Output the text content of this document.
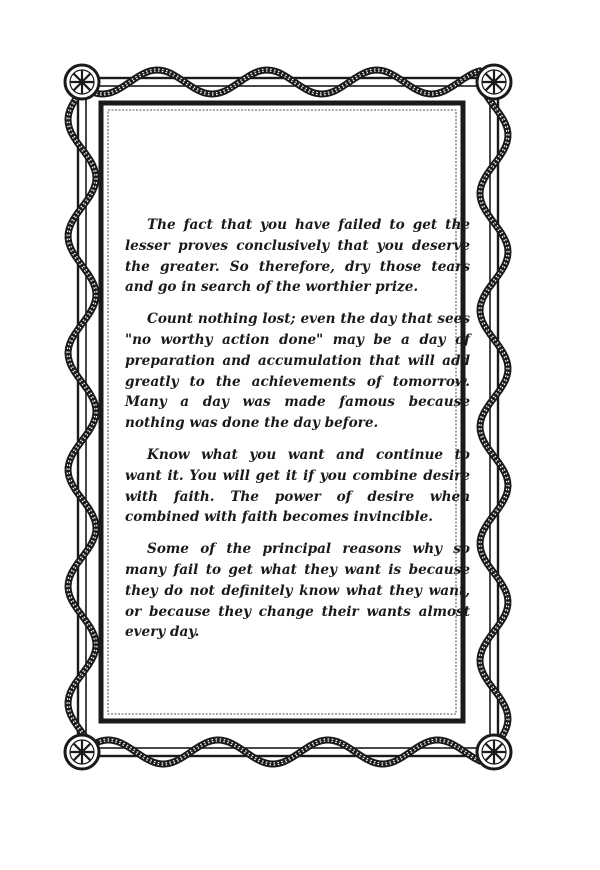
The fact that you have failed to get the lesser proves conclusively that you deserve the greater. So therefore, dry those tears and go in search of the worthier prize.

Count nothing lost; even the day that sees "no worthy action done" may be a day of preparation and accumulation that will add greatly to the achievements of tomorrow. Many a day was made famous because nothing was done the day before.

Know what you want and continue to want it. You will get it if you combine desire with faith. The power of desire when combined with faith becomes invincible.

Some of the principal reasons why so many fail to get what they want is because they do not definitely know what they want, or because they change their wants almost every day.
